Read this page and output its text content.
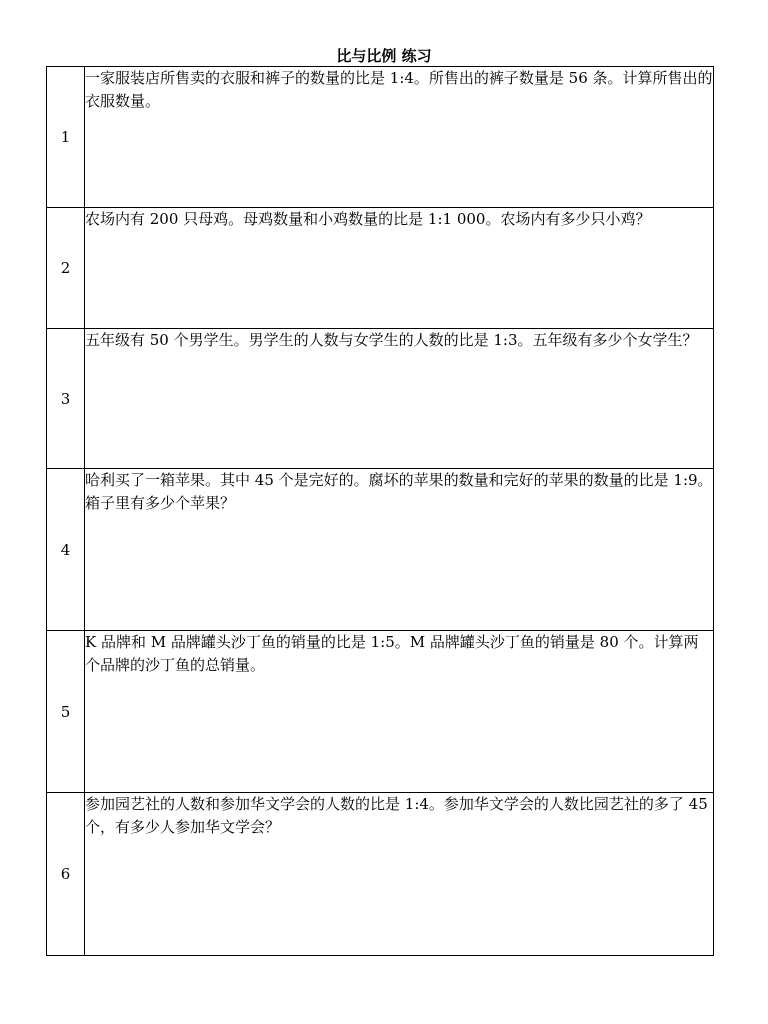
比与比例 练习
1	一家服装店所售卖的衣服和裤子的数量的比是 1:4。所售出的裤子数量是 56 条。计算所售出的衣服数量。
2	农场内有 200 只母鸡。母鸡数量和小鸡数量的比是 1:1 000。农场内有多少只小鸡？
3	五年级有 50 个男学生。男学生的人数与女学生的人数的比是 1:3。五年级有多少个女学生？
4	哈利买了一箱苹果。其中 45 个是完好的。腐坏的苹果的数量和完好的苹果的数量的比是 1:9。箱子里有多少个苹果？
5	K 品牌和 M 品牌罐头沙丁鱼的销量的比是 1:5。M 品牌罐头沙丁鱼的销量是 80 个。计算两个品牌的沙丁鱼的总销量。
6	参加园艺社的人数和参加华文学会的人数的比是 1:4。参加华文学会的人数比园艺社的多了 45 个，有多少人参加华文学会？
